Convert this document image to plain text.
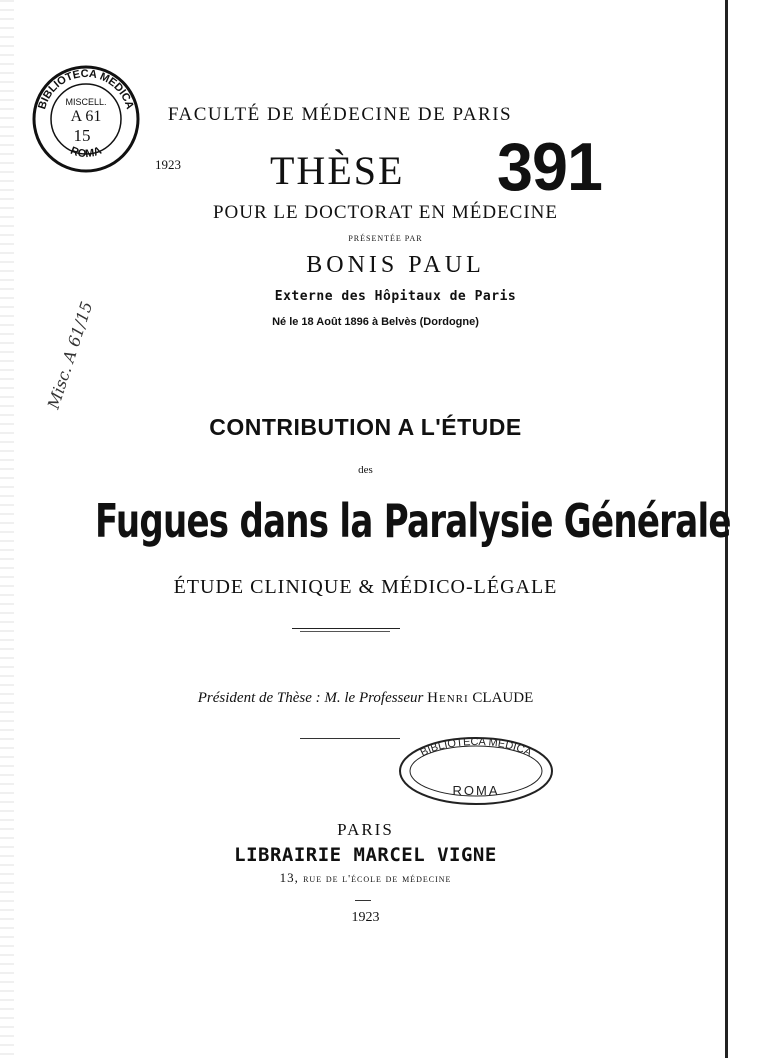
BIBLIOTECA MEDICA
ROMA
MISCELL.
A 61
15
FACULTÉ DE MÉDECINE DE PARIS
1923 THÈSE 391
POUR LE DOCTORAT EN MÉDECINE
PRÉSENTÉE PAR
BONIS PAUL
Externe des Hôpitaux de Paris
Né le 18 Août 1896 à Belvès (Dordogne)
Misc. A 61/15
CONTRIBUTION A L'ÉTUDE
des
Fugues dans la Paralysie Générale
ÉTUDE CLINIQUE & MÉDICO-LÉGALE
Président de Thèse : M. le Professeur Henri CLAUDE
BIBLIOTECA MEDICA
ROMA
PARIS
LIBRAIRIE MARCEL VIGNE
13, rue de l'école de médecine
1923
